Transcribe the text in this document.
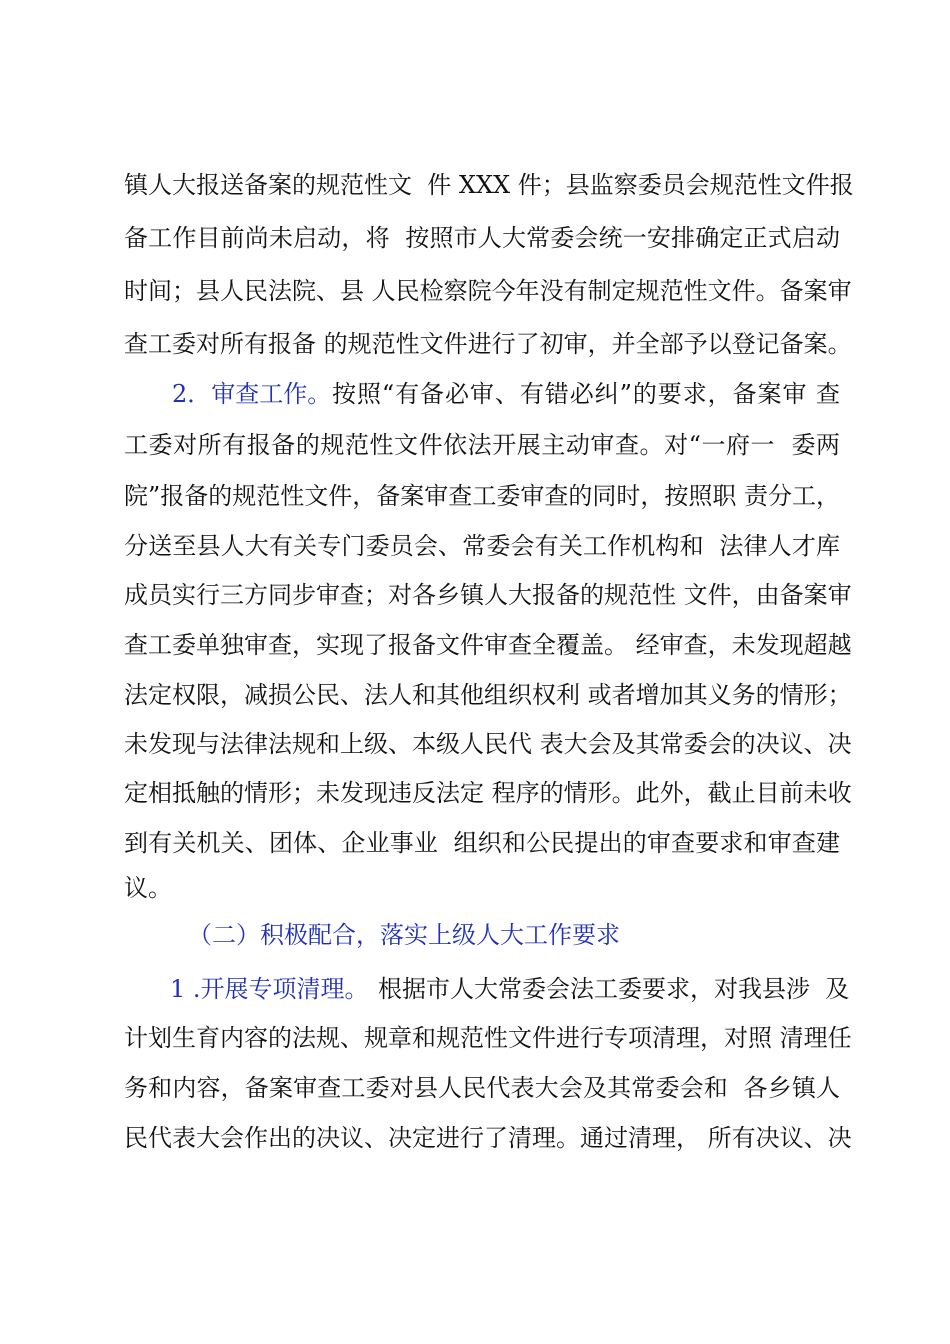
镇人大报送备案的规范性文  件 XXX 件；县监察委员会规范性文件报
备工作目前尚未启动，将  按照市人大常委会统一安排确定正式启动
时间；县人民法院、县 人民检察院今年没有制定规范性文件。备案审
查工委对所有报备 的规范性文件进行了初审，并全部予以登记备案。
2．审查工作。 按照“有备必审、有错必纠”的要求，备案审 查
工委对所有报备的规范性文件依法开展主动审查。对“一府一  委两
院”报备的规范性文件，备案审查工委审查的同时，按照职 责分工，
分送至县人大有关专门委员会、常委会有关工作机构和  法律人才库
成员实行三方同步审查；对各乡镇人大报备的规范性 文件，由备案审
查工委单独审查，实现了报备文件审查全覆盖。 经审查，未发现超越
法定权限，减损公民、法人和其他组织权利 或者增加其义务的情形；
未发现与法律法规和上级、本级人民代 表大会及其常委会的决议、决
定相抵触的情形；未发现违反法定 程序的情形。此外，截止目前未收
到有关机关、团体、企业事业  组织和公民提出的审查要求和审查建
议。
（二）积极配合，落实上级人大工作要求
1 .开展专项清理。 根据市人大常委会法工委要求，对我县涉  及
计划生育内容的法规、规章和规范性文件进行专项清理，对照 清理任
务和内容，备案审查工委对县人民代表大会及其常委会和  各乡镇人
民代表大会作出的决议、决定进行了清理。通过清理， 所有决议、决
